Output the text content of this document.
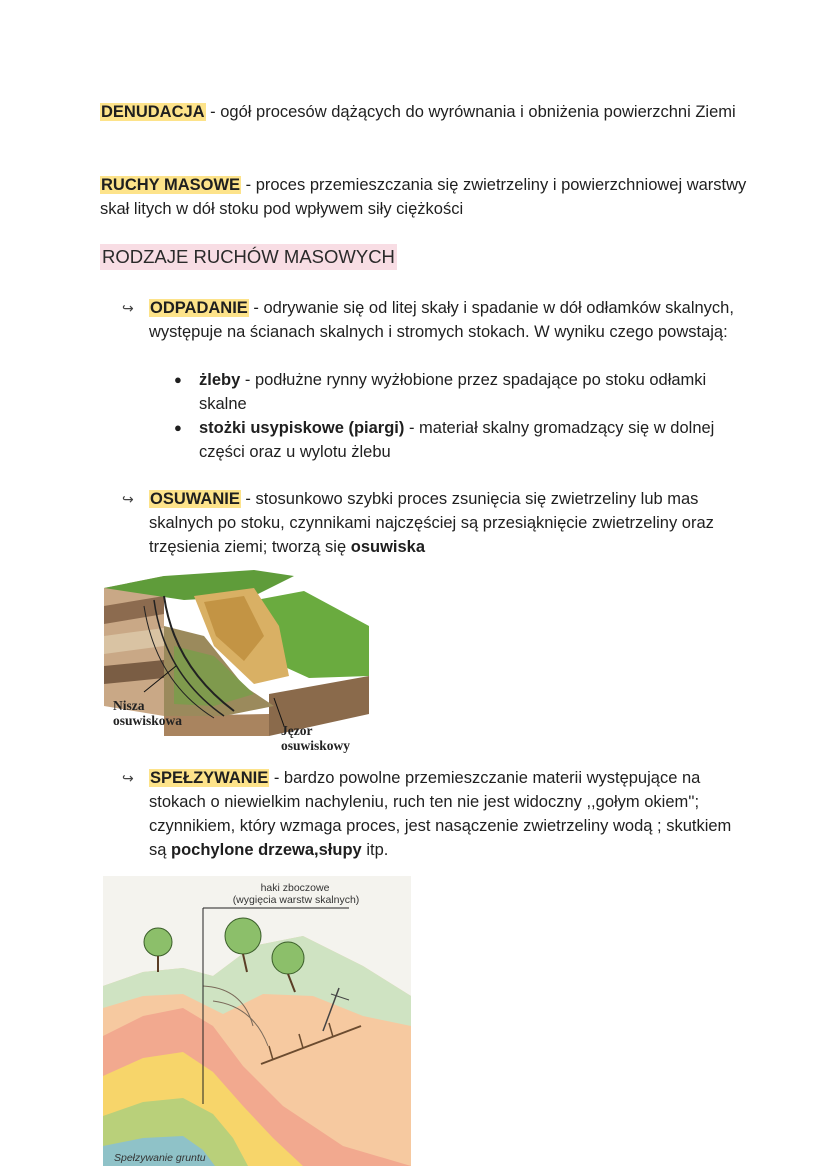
DENUDACJA - ogół procesów dążących do wyrównania i obniżenia powierzchni Ziemi
RUCHY MASOWE - proces przemieszczania się zwietrzeliny i powierzchniowej warstwy skał litych w dół stoku pod wpływem siły ciężkości
RODZAJE RUCHÓW MASOWYCH
↪ ODPADANIE - odrywanie się od litej skały i spadanie w dół odłamków skalnych, występuje na ścianach skalnych i stromych stokach. W wyniku czego powstają:
● żleby - podłużne rynny wyżłobione przez spadające po stoku odłamki skalne
● stożki usypiskowe (piargi) - materiał skalny gromadzący się w dolnej części oraz u wylotu żlebu
↪ OSUWANIE - stosunkowo szybki proces zsunięcia się zwietrzeliny lub mas skalnych po stoku, czynnikami najczęściej są przesiąknięcie zwietrzeliny oraz trzęsienia ziemi; tworzą się osuwiska
Nisza
osuwiskowa
Jęzor
osuwiskowy
↪ SPEŁZYWANIE - bardzo powolne przemieszczanie materii występujące na stokach o niewielkim nachyleniu, ruch ten nie jest widoczny ,,gołym okiem''; czynnikiem, który wzmaga proces, jest nasączenie zwietrzeliny wodą ; skutkiem są pochylone drzewa,słupy itp.
haki zboczowe
(wygięcia warstw skalnych)
Spełzywanie gruntu
